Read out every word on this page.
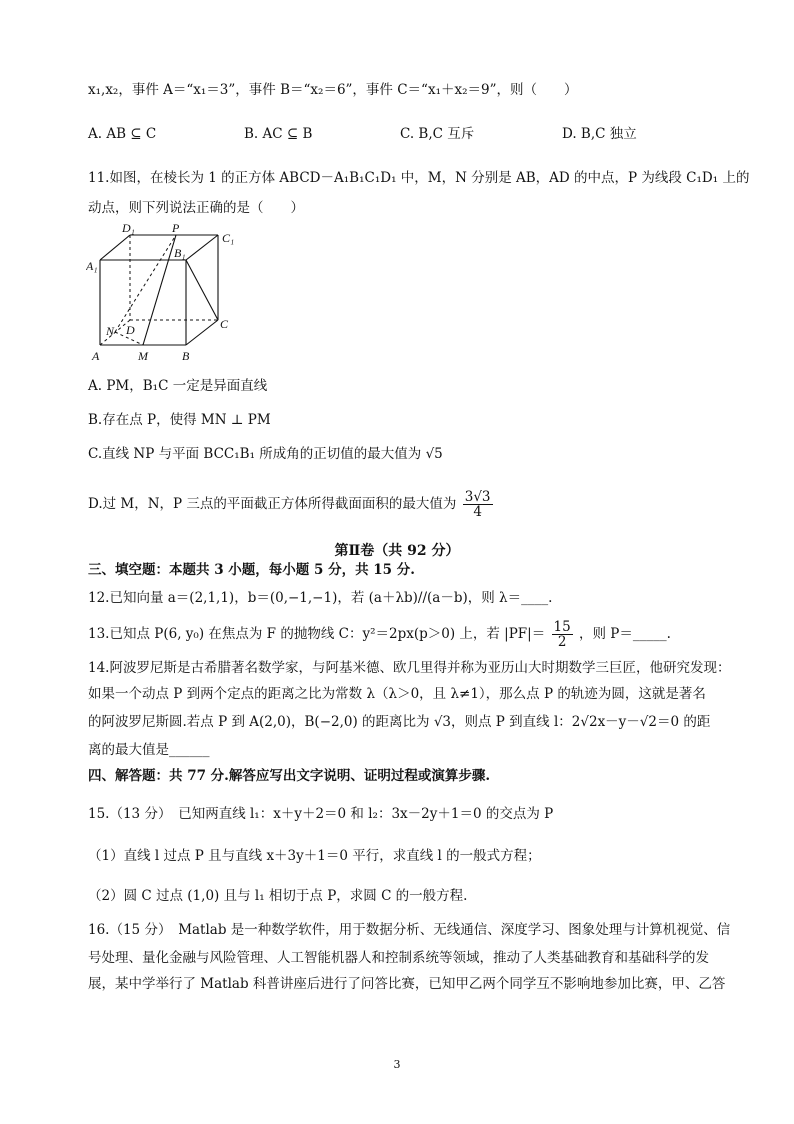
x₁,x₂，事件 A＝“x₁＝3”，事件 B＝“x₂＝6”，事件 C＝“x₁＋x₂＝9”，则（　　）
A. AB ⊆ C	B. AC ⊆ B	C. B,C 互斥	D. B,C 独立
11.如图，在棱长为 1 的正方体 ABCD－A₁B₁C₁D₁ 中，M，N 分别是 AB，AD 的中点，P 为线段 C₁D₁ 上的
动点，则下列说法正确的是（　　）
D₁	P
C₁
B₁
A₁
N D	C
A	M	B
A. PM，B₁C 一定是异面直线
B.存在点 P，使得 MN ⊥ PM
C.直线 NP 与平面 BCC₁B₁ 所成角的正切值的最大值为 √5
D.过 M，N，P 三点的平面截正方体所得截面面积的最大值为 $\frac{3√3}{4}$
第Ⅱ卷（共 92 分）
三、填空题：本题共 3 小题，每小题 5 分，共 15 分.
12.已知向量 a＝(2,1,1)，b＝(0,−1,−1)，若 (a＋λb)//(a－b)，则 λ＝____.
13.已知点 P(6, y₀) 在焦点为 F 的抛物线 C：y²＝2px(p＞0) 上，若 $|PF|= \frac{15}{2}$ ，则 P＝_____.
14.阿波罗尼斯是古希腊著名数学家，与阿基米德、欧几里得并称为亚历山大时期数学三巨匠，他研究发现：
如果一个动点 P 到两个定点的距离之比为常数 λ（λ＞0，且 λ≠1），那么点 P 的轨迹为圆，这就是著名
的阿波罗尼斯圆.若点 P 到 A(2,0)，B(−2,0) 的距离比为 √3，则点 P 到直线 l：2√2x－y－√2＝0 的距
离的最大值是______
四、解答题：共 77 分.解答应写出文字说明、证明过程或演算步骤.
15.（13 分）　已知两直线 l₁：x＋y＋2＝0 和 l₂：3x－2y＋1＝0 的交点为 P
（1）直线 l 过点 P 且与直线 x＋3y＋1＝0 平行，求直线 l 的一般式方程；
（2）圆 C 过点 (1,0) 且与 l₁ 相切于点 P，求圆 C 的一般方程.
16.（15 分）　Matlab 是一种数学软件，用于数据分析、无线通信、深度学习、图象处理与计算机视觉、信
号处理、量化金融与风险管理、人工智能机器人和控制系统等领域，推动了人类基础教育和基础科学的发
展，某中学举行了 Matlab 科普讲座后进行了问答比赛，已知甲乙两个同学互不影响地参加比赛，甲、乙答
3
